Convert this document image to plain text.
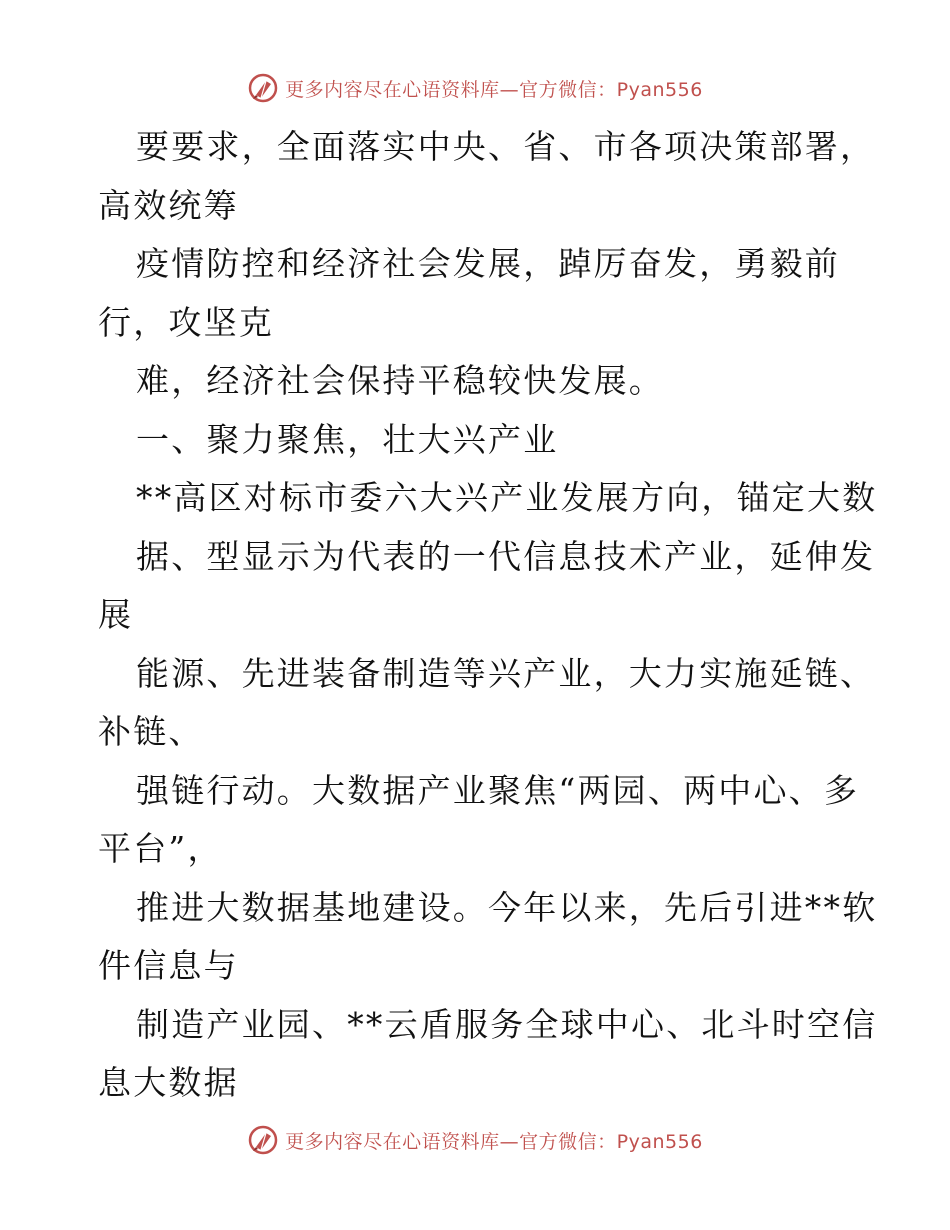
更多内容尽在心语资料库—官方微信：Pyan556

要要求，全面落实中央、省、市各项决策部署，

高效统筹

疫情防控和经济社会发展，踔厉奋发，勇毅前

行，攻坚克

难，经济社会保持平稳较快发展。

一、聚力聚焦，壮大兴产业

**高区对标市委六大兴产业发展方向，锚定大数

据、型显示为代表的一代信息技术产业，延伸发

展

能源、先进装备制造等兴产业，大力实施延链、

补链、

强链行动。大数据产业聚焦“两园、两中心、多

平台”，

推进大数据基地建设。今年以来，先后引进**软

件信息与

制造产业园、**云盾服务全球中心、北斗时空信

息大数据

更多内容尽在心语资料库—官方微信：Pyan556
